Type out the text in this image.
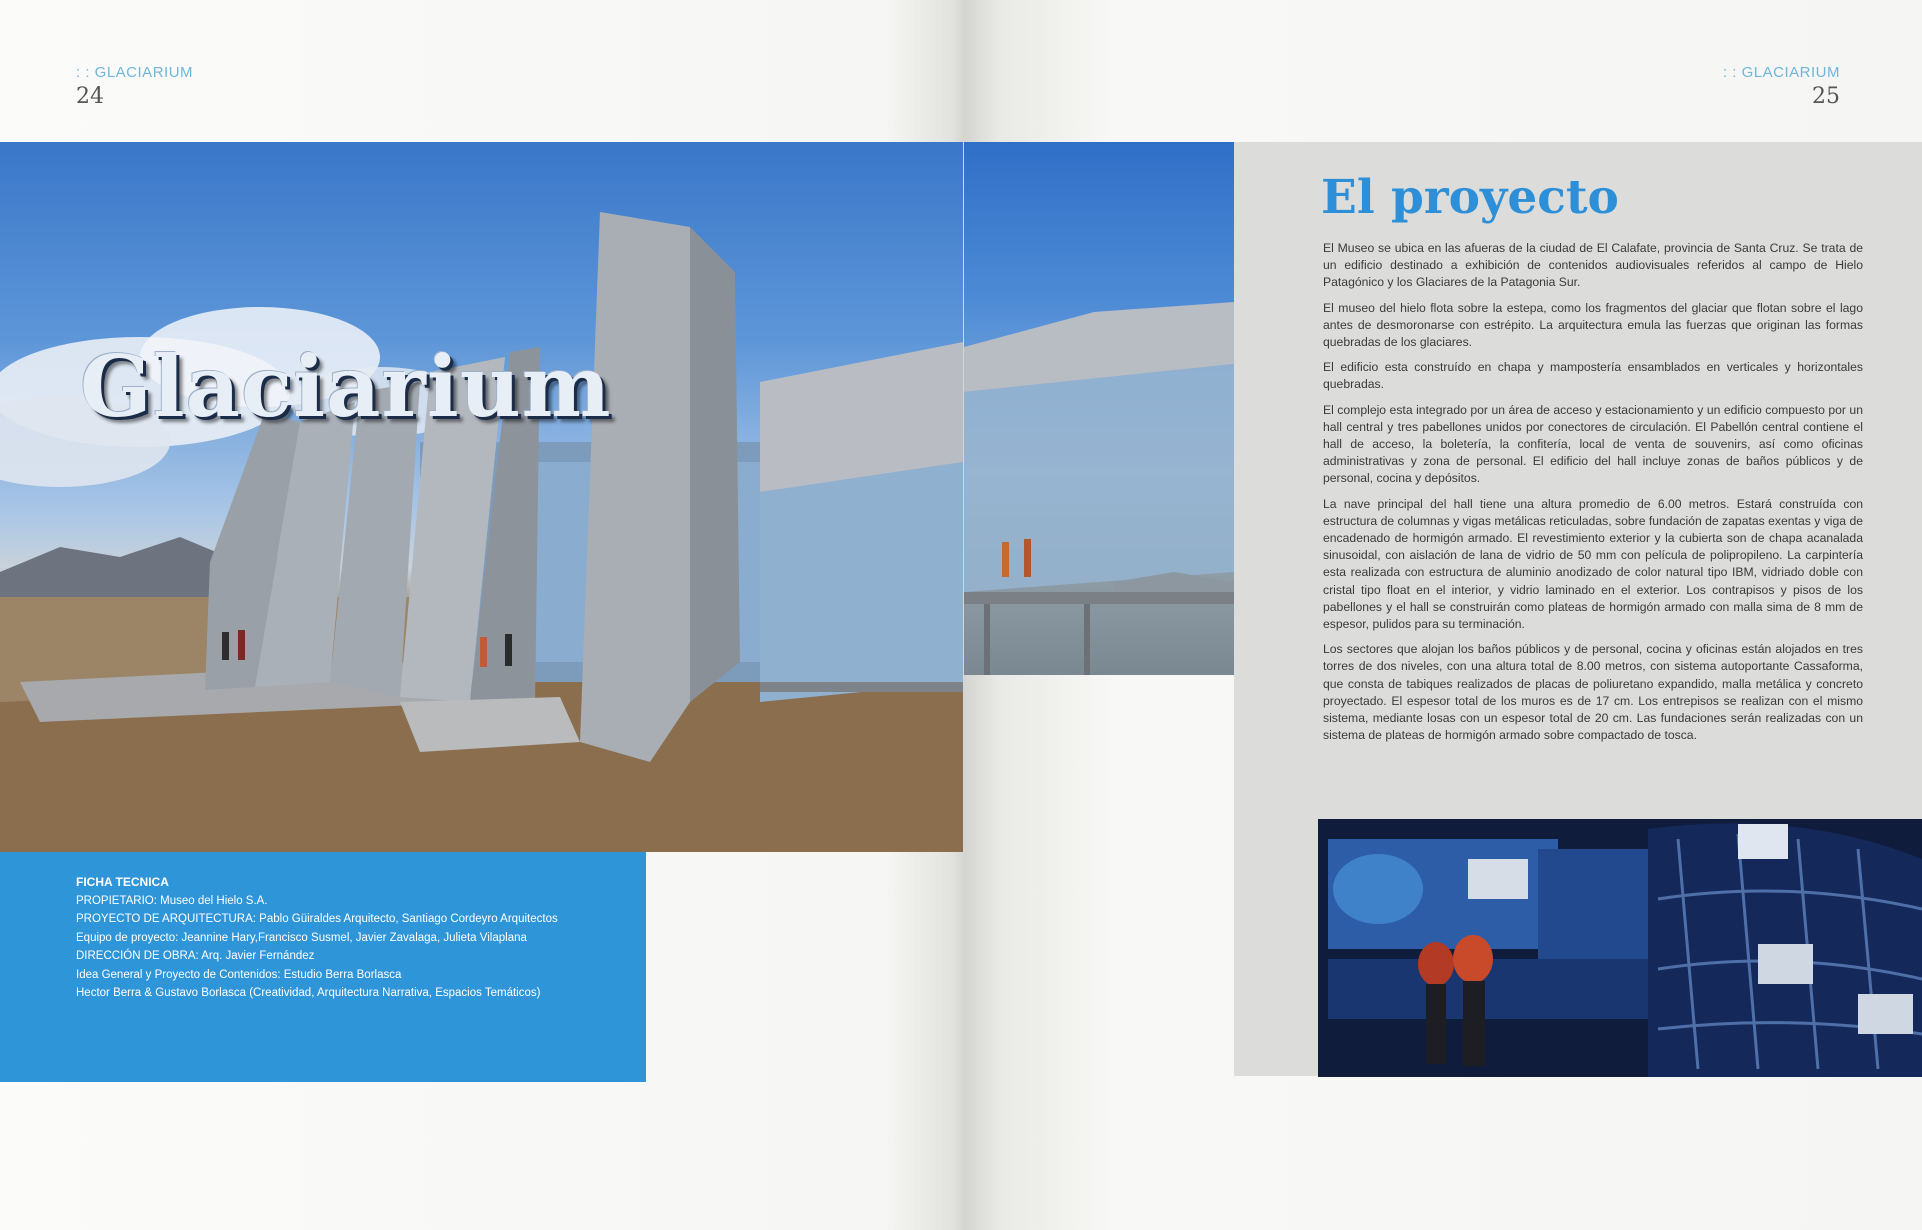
: : GLACIARIUM
24
: : GLACIARIUM
25
Glaciarium
FICHA TECNICA
PROPIETARIO: Museo del Hielo S.A.
PROYECTO DE ARQUITECTURA: Pablo Güiraldes Arquitecto, Santiago Cordeyro Arquitectos
Equipo de proyecto: Jeannine Hary,Francisco Susmel, Javier Zavalaga, Julieta Vilaplana
DIRECCIÓN DE OBRA: Arq. Javier Fernández
Idea General y Proyecto de Contenidos: Estudio Berra Borlasca
Hector Berra & Gustavo Borlasca (Creatividad, Arquitectura Narrativa, Espacios Temáticos)
El proyecto

El Museo se ubica en las afueras de la ciudad de El Calafate, provincia de Santa Cruz. Se trata de un edificio destinado a exhibición de contenidos audiovisuales referidos al campo de Hielo Patagónico y los Glaciares de la Patagonia Sur.

El museo del hielo flota sobre la estepa, como los fragmentos del glaciar que flotan sobre el lago antes de desmoronarse con estrépito. La arquitectura emula las fuerzas que originan las formas quebradas de los glaciares.

El edificio esta construído en chapa y mampostería ensamblados en verticales y horizontales quebradas.

El complejo esta integrado por un área de acceso y estacionamiento y un edificio compuesto por un hall central y tres pabellones unidos por conectores de circulación. El Pabellón central contiene el hall de acceso, la boletería, la confitería, local de venta de souvenirs, así como oficinas administrativas y zona de personal. El edificio del hall incluye zonas de baños públicos y de personal, cocina y depósitos.

La nave principal del hall tiene una altura promedio de 6.00 metros. Estará construída con estructura de columnas y vigas metálicas reticuladas, sobre fundación de zapatas exentas y viga de encadenado de hormigón armado. El revestimiento exterior y la cubierta son de chapa acanalada sinusoidal, con aislación de lana de vidrio de 50 mm con película de polipropileno. La carpintería esta realizada con estructura de aluminio anodizado de color natural tipo IBM, vidriado doble con cristal tipo float en el interior, y vidrio laminado en el exterior. Los contrapisos y pisos de los pabellones y el hall se construirán como plateas de hormigón armado con malla sima de 8 mm de espesor, pulidos para su terminación.

Los sectores que alojan los baños públicos y de personal, cocina y oficinas están alojados en tres torres de dos niveles, con una altura total de 8.00 metros, con sistema autoportante Cassaforma, que consta de tabiques realizados de placas de poliuretano expandido, malla metálica y concreto proyectado. El espesor total de los muros es de 17 cm. Los entrepisos se realizan con el mismo sistema, mediante losas con un espesor total de 20 cm. Las fundaciones serán realizadas con un sistema de plateas de hormigón armado sobre compactado de tosca.
